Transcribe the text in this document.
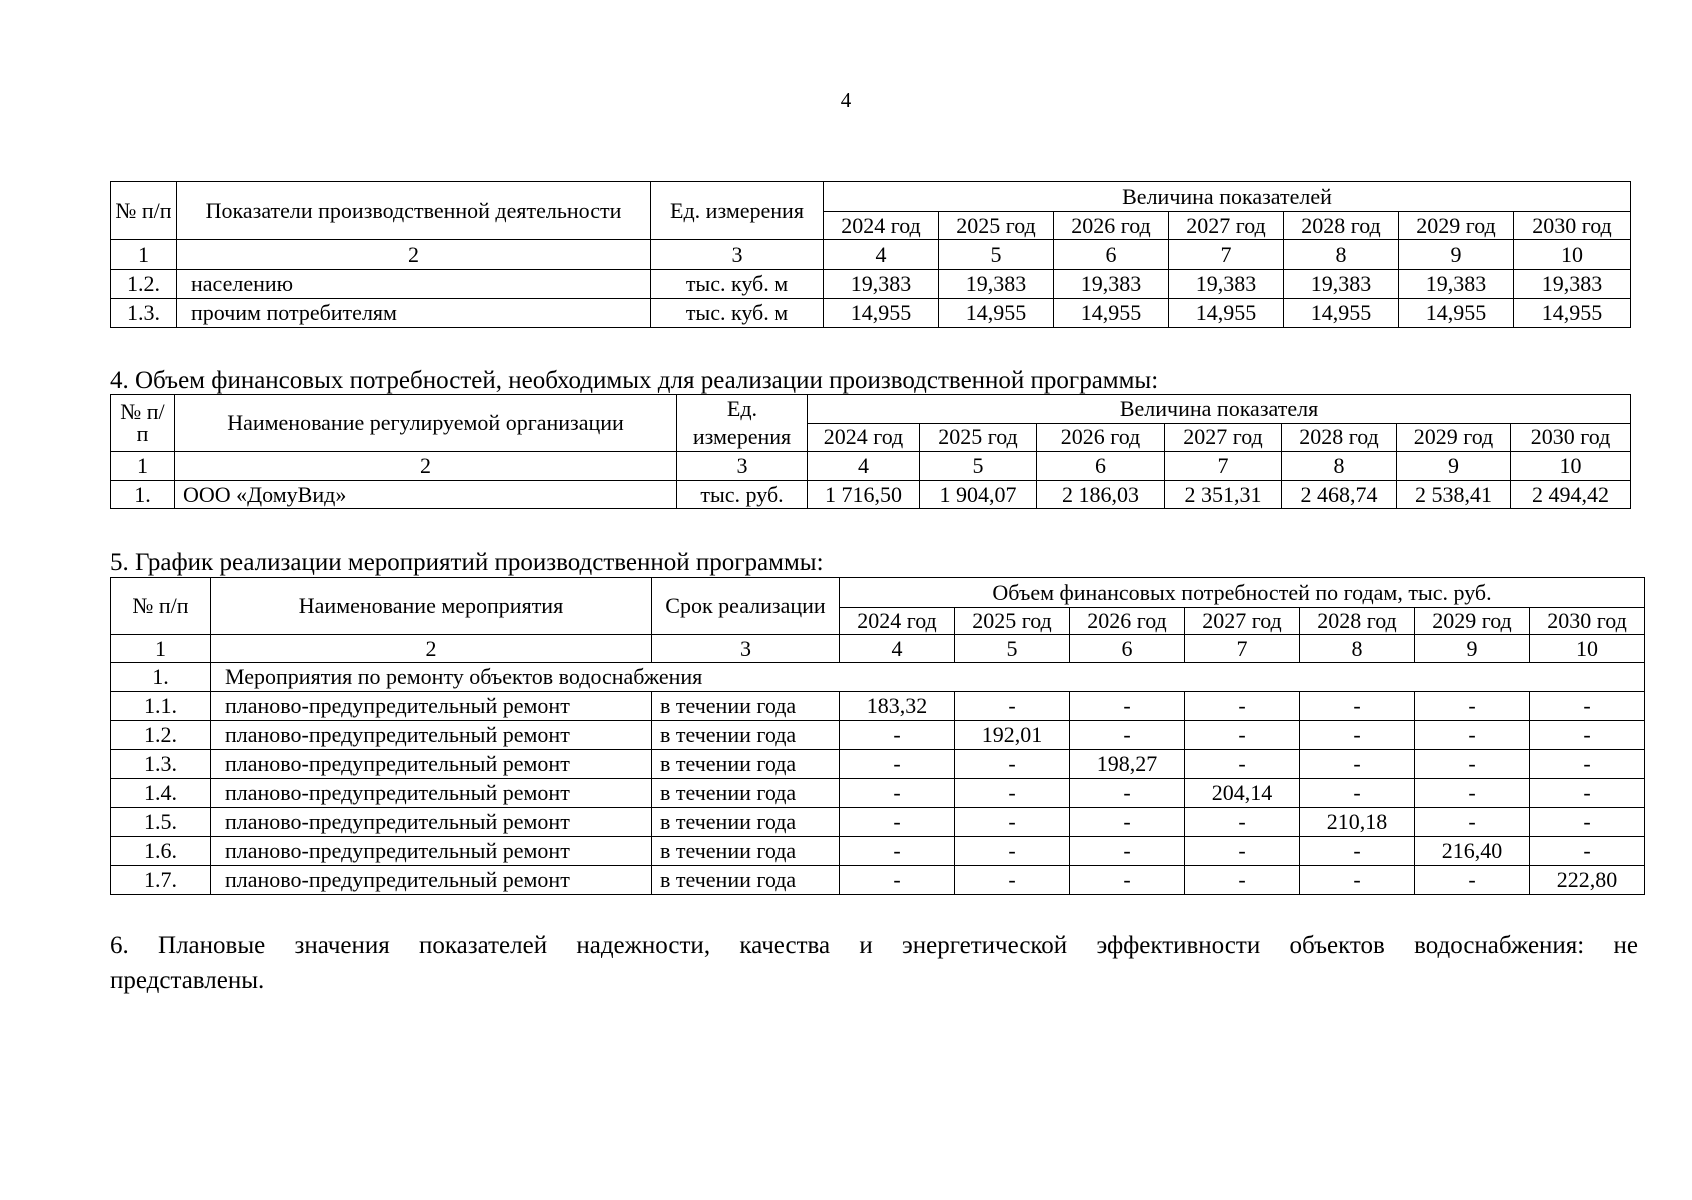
4
№ п/п	Показатели производственной деятельности	Ед. измерения	Величина показателей						
			2024 год	2025 год	2026 год	2027 год	2028 год	2029 год	2030 год
1	2	3	4	5	6	7	8	9	10
1.2.	населению	тыс. куб. м	19,383	19,383	19,383	19,383	19,383	19,383	19,383
1.3.	прочим потребителям	тыс. куб. м	14,955	14,955	14,955	14,955	14,955	14,955	14,955
4. Объем финансовых потребностей, необходимых для реализации производственной программы:
№ п/п	Наименование регулируемой организации	Ед. измерения	Величина показателя						
			2024 год	2025 год	2026 год	2027 год	2028 год	2029 год	2030 год
1	2	3	4	5	6	7	8	9	10
1.	ООО «ДомуВид»	тыс. руб.	1 716,50	1 904,07	2 186,03	2 351,31	2 468,74	2 538,41	2 494,42
5. График реализации мероприятий производственной программы:
№ п/п	Наименование мероприятия	Срок реализации	Объем финансовых потребностей по годам, тыс. руб.						
			2024 год	2025 год	2026 год	2027 год	2028 год	2029 год	2030 год
1	2	3	4	5	6	7	8	9	10
1.	Мероприятия по ремонту объектов водоснабжения								
1.1.	планово-предупредительный ремонт	в течении года	183,32	-	-	-	-	-	-
1.2.	планово-предупредительный ремонт	в течении года	-	192,01	-	-	-	-	-
1.3.	планово-предупредительный ремонт	в течении года	-	-	198,27	-	-	-	-
1.4.	планово-предупредительный ремонт	в течении года	-	-	-	204,14	-	-	-
1.5.	планово-предупредительный ремонт	в течении года	-	-	-	-	210,18	-	-
1.6.	планово-предупредительный ремонт	в течении года	-	-	-	-	-	216,40	-
1.7.	планово-предупредительный ремонт	в течении года	-	-	-	-	-	-	222,80
6. Плановые значения показателей надежности, качества и энергетической эффективности объектов водоснабжения: не
представлены.
